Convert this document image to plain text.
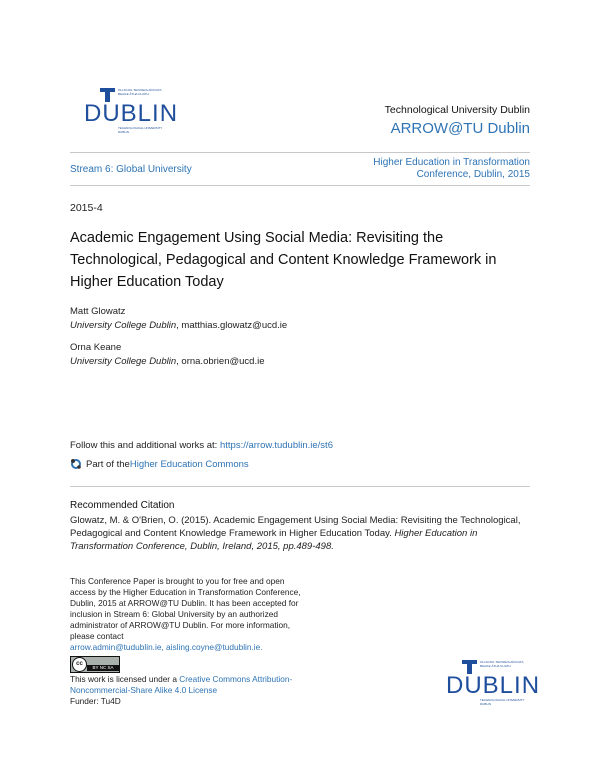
OLLSCOIL TEICNEOLAÍOCHTA BHAILE ÁTHA CLIATH
DUBLIN
TECHNOLOGICAL UNIVERSITY DUBLIN
Technological University Dublin
ARROW@TU Dublin
Stream 6: Global University
Higher Education in Transformation
Conference, Dublin, 2015
2015-4
Academic Engagement Using Social Media: Revisiting the Technological, Pedagogical and Content Knowledge Framework in Higher Education Today
Matt Glowatz
University College Dublin, matthias.glowatz@ucd.ie
Orna Keane
University College Dublin, orna.obrien@ucd.ie
Follow this and additional works at: https://arrow.tudublin.ie/st6
Part of the Higher Education Commons
Recommended Citation
Glowatz, M. & O'Brien, O. (2015). Academic Engagement Using Social Media: Revisiting the Technological, Pedagogical and Content Knowledge Framework in Higher Education Today. Higher Education in Transformation Conference, Dublin, Ireland, 2015, pp.489-498.
This Conference Paper is brought to you for free and open access by the Higher Education in Transformation Conference, Dublin, 2015 at ARROW@TU Dublin. It has been accepted for inclusion in Stream 6: Global University by an authorized administrator of ARROW@TU Dublin. For more information, please contact
arrow.admin@tudublin.ie, aisling.coyne@tudublin.ie.
cc
BY NC SA
This work is licensed under a Creative Commons Attribution-Noncommercial-Share Alike 4.0 License
Funder: Tu4D
OLLSCOIL TEICNEOLAÍOCHTA BHAILE ÁTHA CLIATH
DUBLIN
TECHNOLOGICAL UNIVERSITY DUBLIN
